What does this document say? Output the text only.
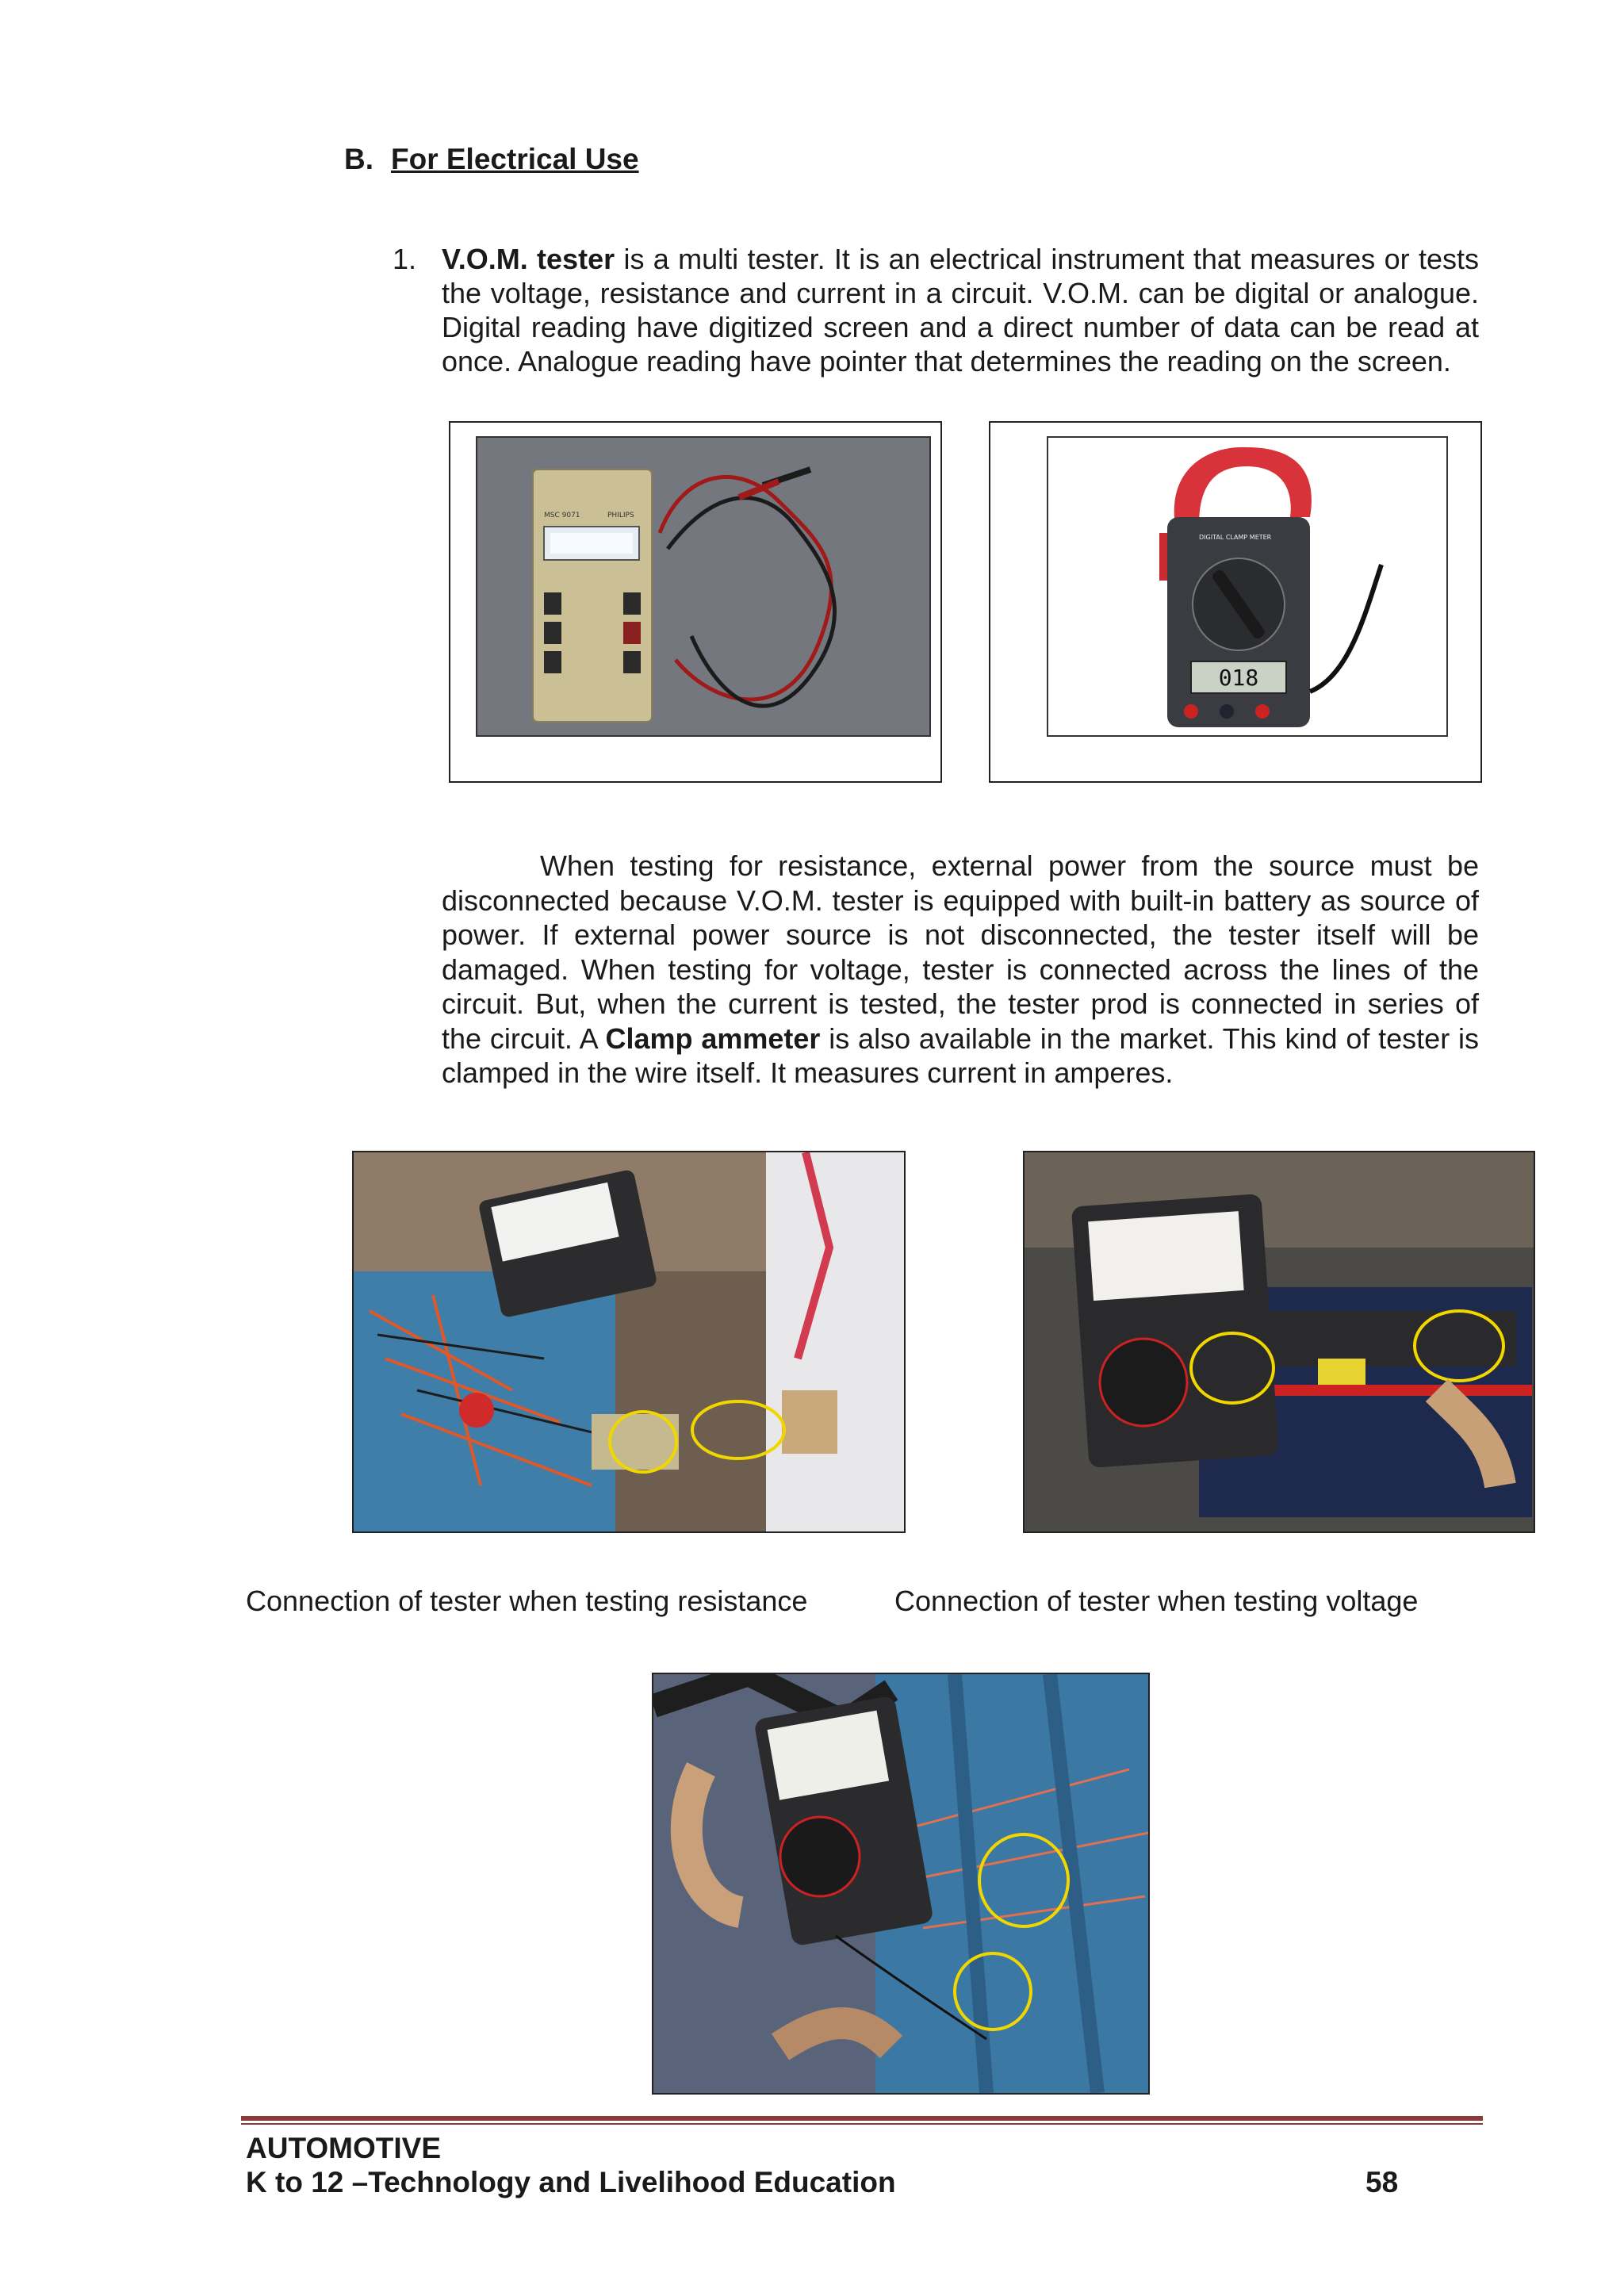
B. For Electrical Use
1. V.O.M. tester is a multi tester. It is an electrical instrument that measures or tests the voltage, resistance and current in a circuit. V.O.M. can be digital or analogue. Digital reading have digitized screen and a direct number of data can be read at once. Analogue reading have pointer that determines the reading on the screen.
MSC 9071	PHILIPS
DIGITAL CLAMP METER
018
When testing for resistance, external power from the source must be disconnected because V.O.M. tester is equipped with built-in battery as source of power. If external power source is not disconnected, the tester itself will be damaged. When testing for voltage, tester is connected across the lines of the circuit. But, when the current is tested, the tester prod is connected in series of the circuit. A Clamp ammeter is also available in the market. This kind of tester is clamped in the wire itself. It measures current in amperes.
Connection of tester when testing resistance	Connection of tester when testing voltage
AUTOMOTIVE
K to 12 –Technology and Livelihood Education	58
